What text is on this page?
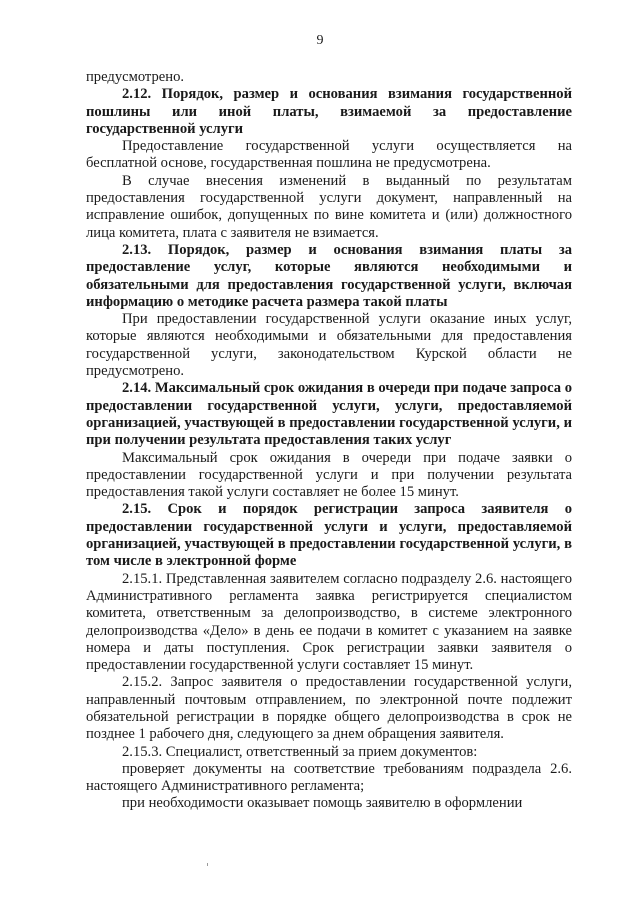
9

предусмотрено.

2.12. Порядок, размер и основания взимания государственной пошлины или иной платы, взимаемой за предоставление государственной услуги

Предоставление государственной услуги осуществляется на бесплатной основе, государственная пошлина не предусмотрена.

В случае внесения изменений в выданный по результатам предоставления государственной услуги документ, направленный на исправление ошибок, допущенных по вине комитета и (или) должностного лица комитета, плата с заявителя не взимается.

2.13. Порядок, размер и основания взимания платы за предоставление услуг, которые являются необходимыми и обязательными для предоставления государственной услуги, включая информацию о методике расчета размера такой платы

При предоставлении государственной услуги оказание иных услуг, которые являются необходимыми и обязательными для предоставления государственной услуги, законодательством Курской области не предусмотрено.

2.14. Максимальный срок ожидания в очереди при подаче запроса о предоставлении государственной услуги, услуги, предоставляемой организацией, участвующей в предоставлении государственной услуги, и при получении результата предоставления таких услуг

Максимальный срок ожидания в очереди при подаче заявки о предоставлении государственной услуги и при получении результата предоставления такой услуги составляет не более 15 минут.

2.15. Срок и порядок регистрации запроса заявителя о предоставлении государственной услуги и услуги, предоставляемой организацией, участвующей в предоставлении государственной услуги, в том числе в электронной форме

2.15.1. Представленная заявителем согласно подразделу 2.6. настоящего Административного регламента заявка регистрируется специалистом комитета, ответственным за делопроизводство, в системе электронного делопроизводства «Дело» в день ее подачи в комитет с указанием на заявке номера и даты поступления. Срок регистрации заявки заявителя о предоставлении государственной услуги составляет 15 минут.

2.15.2. Запрос заявителя о предоставлении государственной услуги, направленный почтовым отправлением, по электронной почте подлежит обязательной регистрации в порядке общего делопроизводства в срок не позднее 1 рабочего дня, следующего за днем обращения заявителя.

2.15.3. Специалист, ответственный за прием документов:

проверяет документы на соответствие требованиям подраздела 2.6. настоящего Административного регламента;

при необходимости оказывает помощь заявителю в оформлении
